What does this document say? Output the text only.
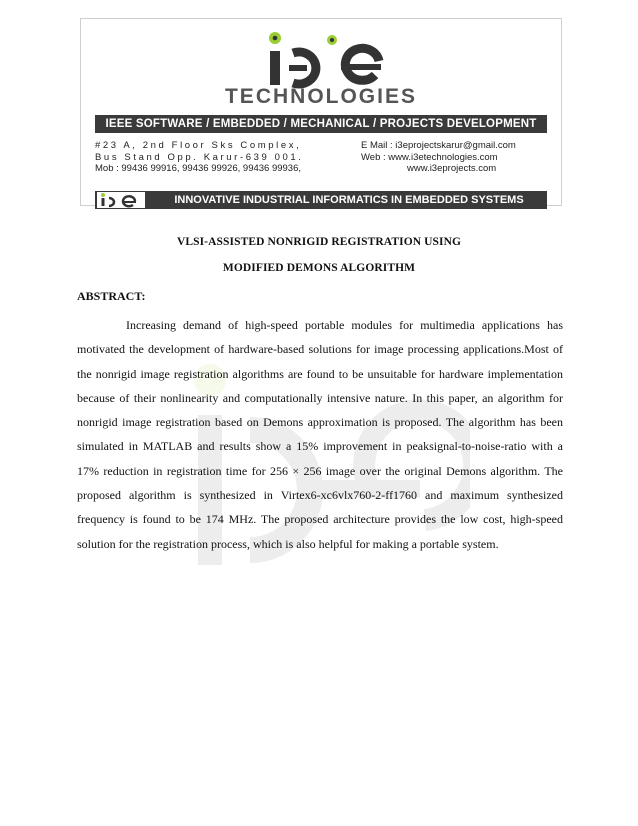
TECHNOLOGIES
IEEE SOFTWARE / EMBEDDED / MECHANICAL / PROJECTS DEVELOPMENT
#23 A, 2nd Floor Sks Complex,
Bus Stand Opp. Karur-639 001.
Mob : 99436 99916, 99436 99926, 99436 99936,
E Mail : i3eprojectskarur@gmail.com
Web : www.i3etechnologies.com
www.i3eprojects.com
INNOVATIVE INDUSTRIAL INFORMATICS IN EMBEDDED SYSTEMS
VLSI-ASSISTED NONRIGID REGISTRATION USING
MODIFIED DEMONS ALGORITHM
ABSTRACT:
Increasing demand of high-speed portable modules for multimedia applications has motivated the development of hardware-based solutions for image processing applications.Most of the nonrigid image registration algorithms are found to be unsuitable for hardware implementation because of their nonlinearity and computationally intensive nature. In this paper, an algorithm for nonrigid image registration based on Demons approximation is proposed. The algorithm has been simulated in MATLAB and results show a 15% improvement in peaksignal-to-noise-ratio with a 17% reduction in registration time for 256 × 256 image over the original Demons algorithm. The proposed algorithm is synthesized in Virtex6-xc6vlx760-2-ff1760 and maximum synthesized frequency is found to be 174 MHz. The proposed architecture provides the low cost, high-speed solution for the registration process, which is also helpful for making a portable system.
